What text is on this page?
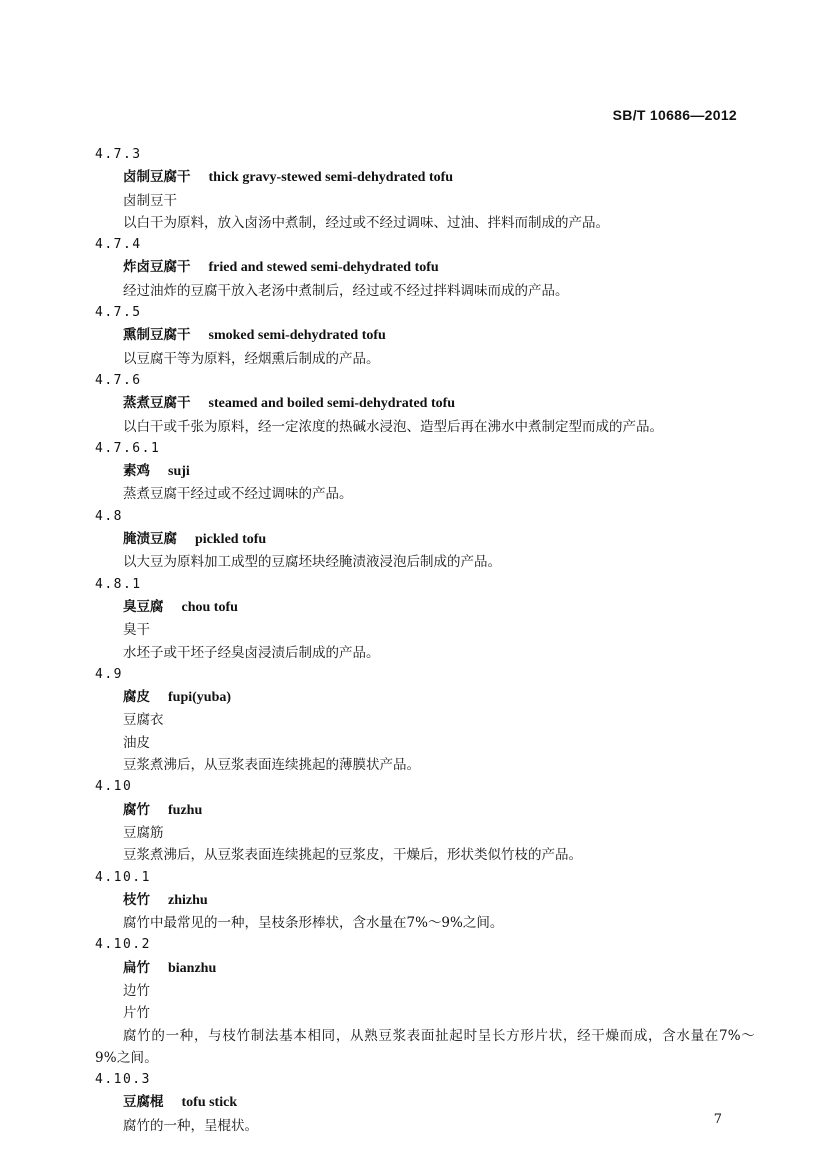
SB/T 10686—2012
4.7.3
卤制豆腐干 thick gravy-stewed semi-dehydrated tofu
卤制豆干
以白干为原料，放入卤汤中煮制，经过或不经过调味、过油、拌料而制成的产品。
4.7.4
炸卤豆腐干 fried and stewed semi-dehydrated tofu
经过油炸的豆腐干放入老汤中煮制后，经过或不经过拌料调味而成的产品。
4.7.5
熏制豆腐干 smoked semi-dehydrated tofu
以豆腐干等为原料，经烟熏后制成的产品。
4.7.6
蒸煮豆腐干 steamed and boiled semi-dehydrated tofu
以白干或千张为原料，经一定浓度的热碱水浸泡、造型后再在沸水中煮制定型而成的产品。
4.7.6.1
素鸡 suji
蒸煮豆腐干经过或不经过调味的产品。
4.8
腌渍豆腐 pickled tofu
以大豆为原料加工成型的豆腐坯块经腌渍液浸泡后制成的产品。
4.8.1
臭豆腐 chou tofu
臭干
水坯子或干坯子经臭卤浸渍后制成的产品。
4.9
腐皮 fupi(yuba)
豆腐衣
油皮
豆浆煮沸后，从豆浆表面连续挑起的薄膜状产品。
4.10
腐竹 fuzhu
豆腐筋
豆浆煮沸后，从豆浆表面连续挑起的豆浆皮，干燥后，形状类似竹枝的产品。
4.10.1
枝竹 zhizhu
腐竹中最常见的一种，呈枝条形棒状，含水量在7%～9%之间。
4.10.2
扁竹 bianzhu
边竹
片竹
腐竹的一种，与枝竹制法基本相同，从熟豆浆表面扯起时呈长方形片状，经干燥而成，含水量在7%～9%之间。
4.10.3
豆腐棍 tofu stick
腐竹的一种，呈棍状。	7
